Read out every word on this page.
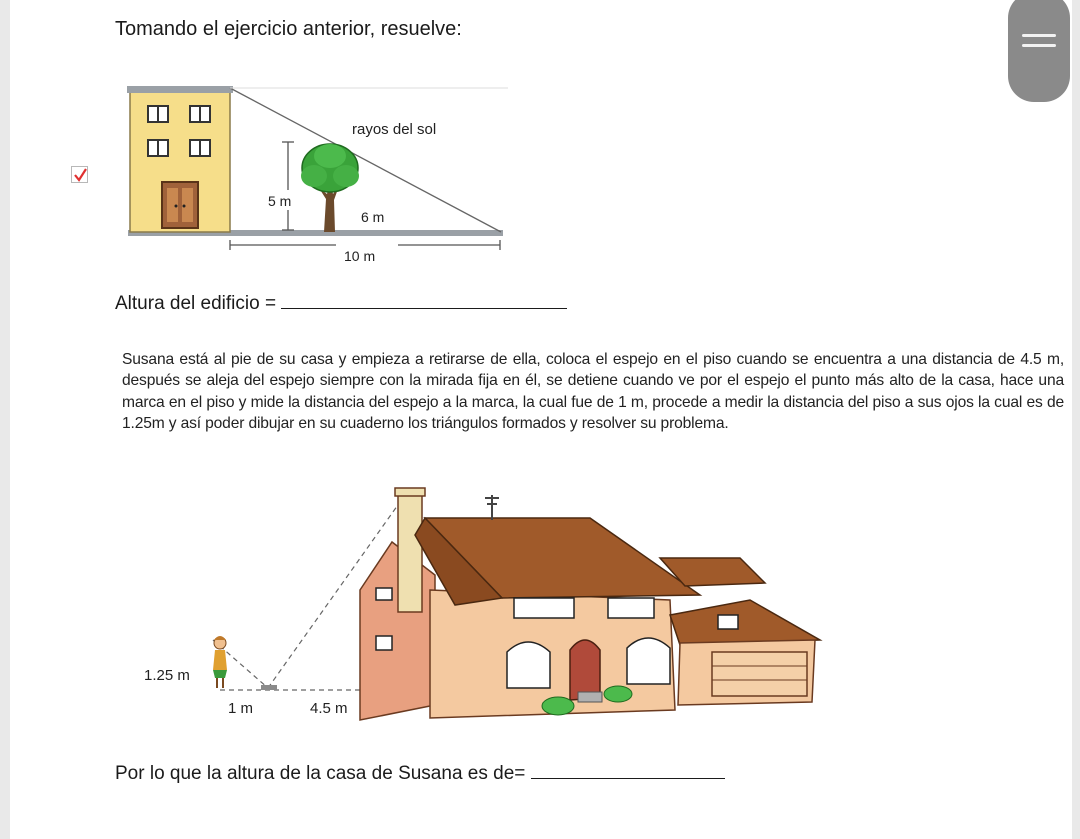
Tomando el ejercicio anterior, resuelve:
rayos del sol
5 m
6 m
10 m
Altura del edificio =
Susana está al pie de su casa y empieza a retirarse de ella, coloca el espejo en el piso cuando se encuentra a una distancia de 4.5 m, después se aleja del espejo siempre con la mirada fija en él, se detiene cuando ve por el espejo el punto más alto de la casa, hace una marca en el piso y mide la distancia del espejo a la marca, la cual fue de 1 m, procede a medir la distancia del piso a sus ojos la cual es de 1.25m y así poder dibujar en su cuaderno los triángulos formados y resolver su problema.
1.25 m
1 m	4.5 m
Por lo que la altura de la casa de Susana es de=
